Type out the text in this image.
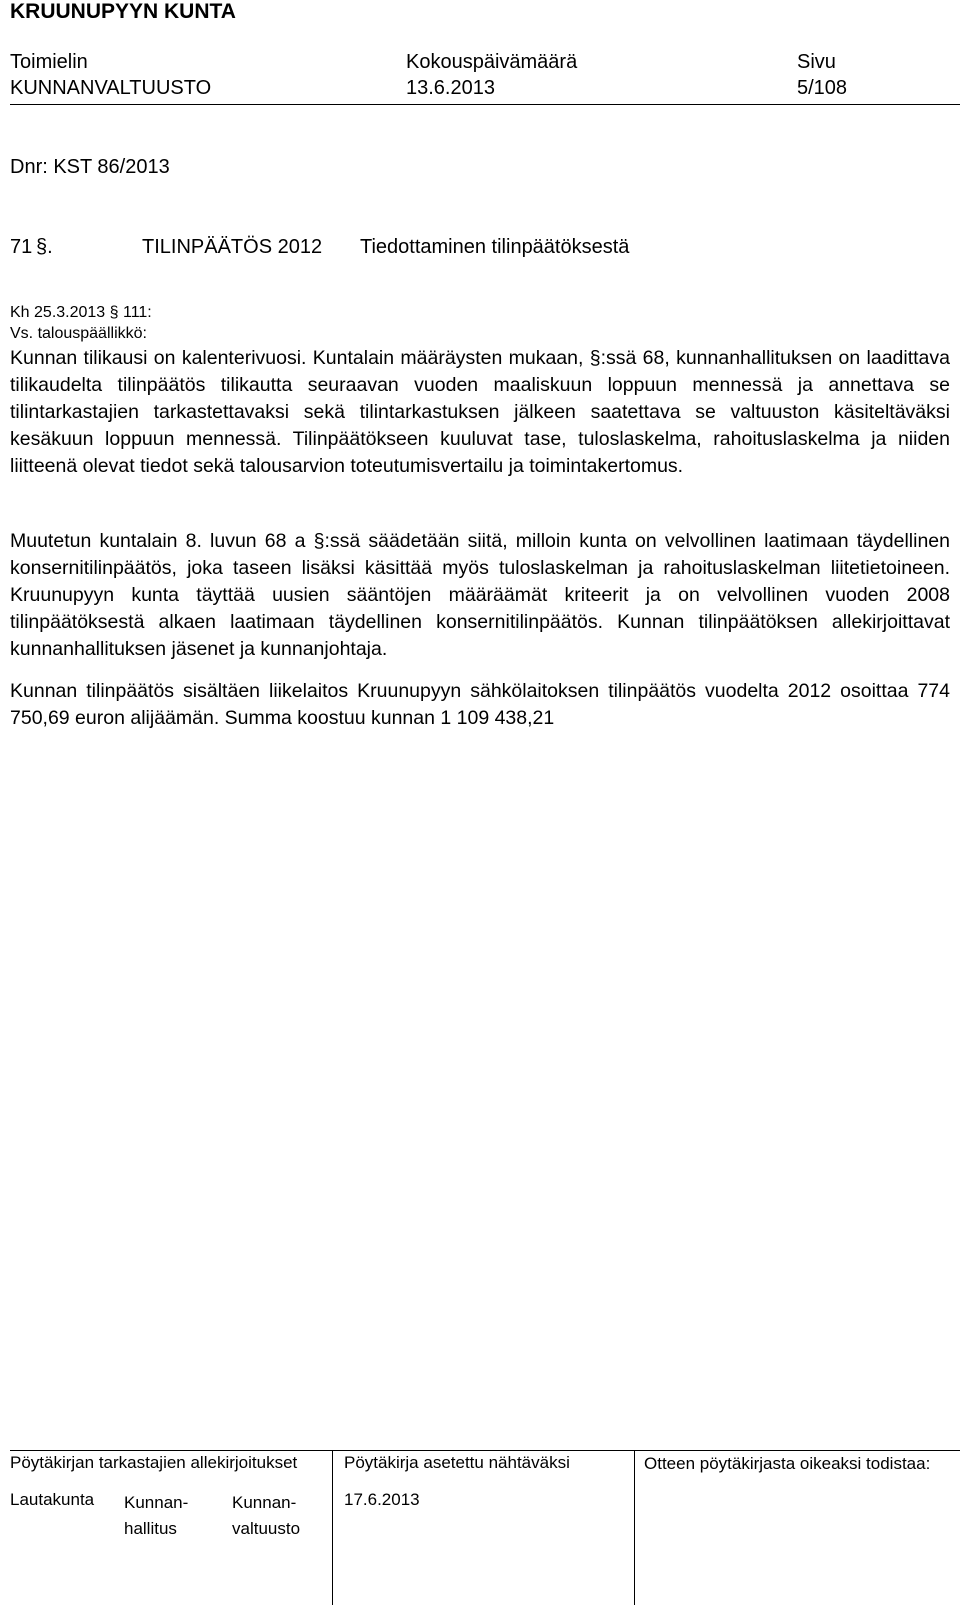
KRUUNUPYYN KUNTA
Toimielin	Kokouspäivämäärä	Sivu
KUNNANVALTUUSTO	13.6.2013	5/108
Dnr: KST 86/2013
71 §.	TILINPÄÄTÖS 2012 Tiedottaminen tilinpäätöksestä
Kh 25.3.2013 § 111:
Vs. talouspäällikkö:

Kunnan tilikausi on kalenterivuosi. Kuntalain määräysten mukaan, §:ssä 68, kunnanhallituksen on laadittava tilikaudelta tilinpäätös tilikautta seuraavan vuoden maaliskuun loppuun mennessä ja annettava se tilintarkastajien tarkastettavaksi sekä tilintarkastuksen jälkeen saatettava se valtuuston käsiteltäväksi kesäkuun loppuun mennessä. Tilinpäätökseen kuuluvat tase, tuloslaskelma, rahoituslaskelma ja niiden liitteenä olevat tiedot sekä talousarvion toteutumisvertailu ja toimintakertomus.

Muutetun kuntalain 8. luvun 68 a §:ssä säädetään siitä, milloin kunta on velvollinen laatimaan täydellinen konsernitilinpäätös, joka taseen lisäksi käsittää myös tuloslaskelman ja rahoituslaskelman liitetietoineen. Kruunupyyn kunta täyttää uusien sääntöjen määräämät kriteerit ja on velvollinen vuoden 2008 tilinpäätöksestä alkaen laatimaan täydellinen konsernitilinpäätös. Kunnan tilinpäätöksen allekirjoittavat kunnanhallituksen jäsenet ja kunnanjohtaja.

Kunnan tilinpäätös sisältäen liikelaitos Kruunupyyn sähkölaitoksen tilinpäätös vuodelta 2012 osoittaa 774 750,69 euron alijäämän. Summa koostuu kunnan 1 109 438,21

Pöytäkirjan tarkastajien allekirjoitukset
Lautakunta Kunnan-
hallitus
Kunnan-
valtuusto
Pöytäkirja asetettu nähtäväksi
17.6.2013
Otteen pöytäkirjasta oikeaksi todistaa:
